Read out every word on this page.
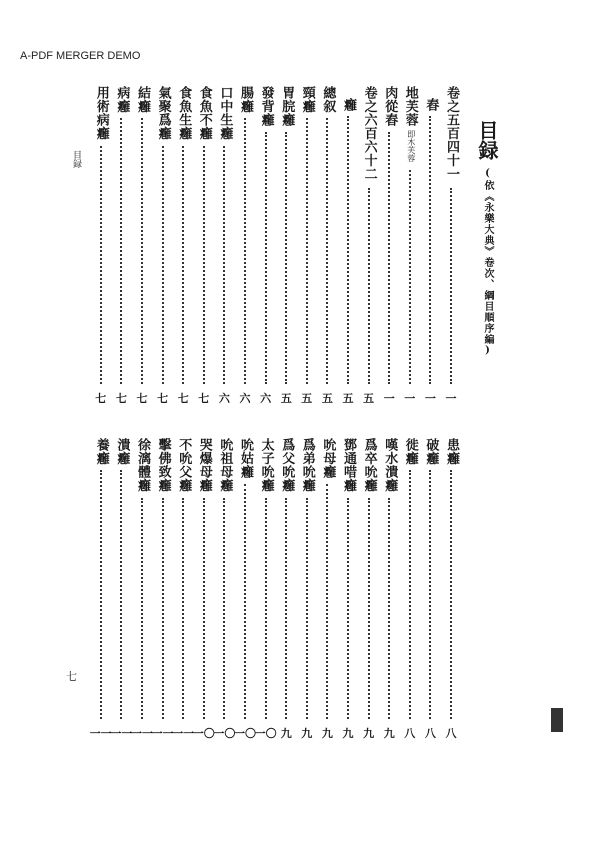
A-PDF MERGER DEMO
目録
(依《永樂大典》卷次、綱目順序編)
目録
七
卷之五百四十一
一
舂
一
地芙蓉
即木芙蓉
一
肉從舂
一
卷之六百六十二
五
癰
五
總叙
五
頸癰
五
胃脘癰
五
發背癰
六
腸癰
六
口中生癰
六
食魚不癰
七
食魚生癰
七
氣聚爲癰
七
結癰
七
病癰
七
用術病癰
七
患癰
八
破癰
八
徙癰
八
嘆水潰癰
九
爲卒吮癰
九
鄧通唶癰
九
吮母癰
九
爲弟吮癰
九
爲父吮癰
九
太子吮癰
一〇
吮姑癰
一〇
吮祖母癰
一〇
哭爆母癰
一〇
不吮父癰
一一
擊佛致癰
一一
徐漓體癰
一一
潰癰
一一
養癰
一一
